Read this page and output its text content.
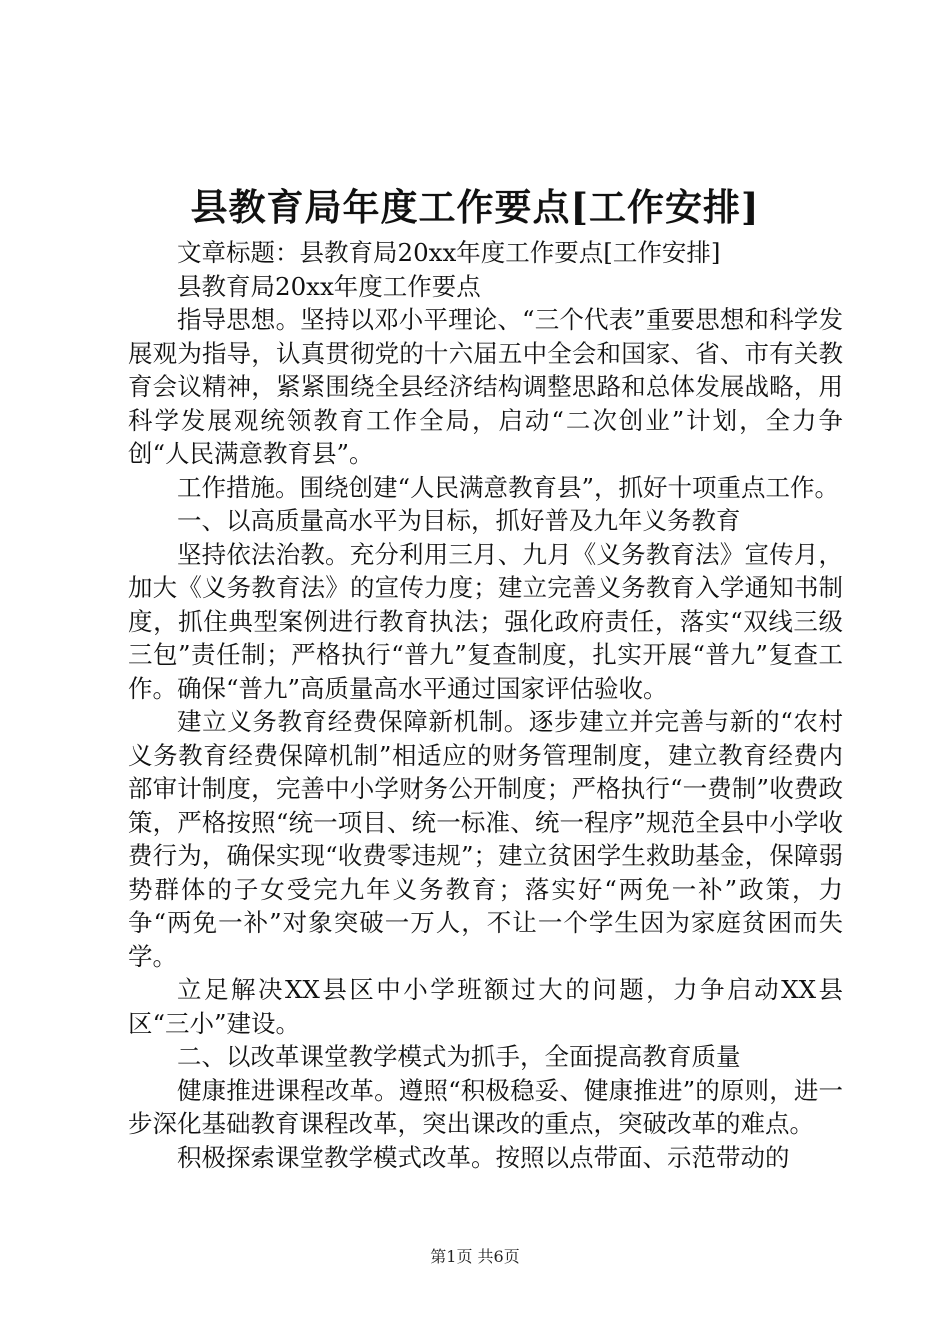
县教育局年度工作要点[工作安排]

文章标题：县教育局20xx年度工作要点[工作安排]

县教育局20xx年度工作要点

指导思想。坚持以邓小平理论、“三个代表”重要思想和科学发展观为指导，认真贯彻党的十六届五中全会和国家、省、市有关教育会议精神，紧紧围绕全县经济结构调整思路和总体发展战略，用科学发展观统领教育工作全局，启动“二次创业”计划，全力争创“人民满意教育县”。

工作措施。围绕创建“人民满意教育县”，抓好十项重点工作。

一、以高质量高水平为目标，抓好普及九年义务教育

坚持依法治教。充分利用三月、九月《义务教育法》宣传月，加大《义务教育法》的宣传力度；建立完善义务教育入学通知书制度，抓住典型案例进行教育执法；强化政府责任，落实“双线三级三包”责任制；严格执行“普九”复查制度，扎实开展“普九”复查工作。确保“普九”高质量高水平通过国家评估验收。

建立义务教育经费保障新机制。逐步建立并完善与新的“农村义务教育经费保障机制”相适应的财务管理制度，建立教育经费内部审计制度，完善中小学财务公开制度；严格执行“一费制”收费政策，严格按照“统一项目、统一标准、统一程序”规范全县中小学收费行为，确保实现“收费零违规”；建立贫困学生救助基金，保障弱势群体的子女受完九年义务教育；落实好“两免一补”政策，力争“两免一补”对象突破一万人，不让一个学生因为家庭贫困而失学。

立足解决XX县区中小学班额过大的问题，力争启动XX县区“三小”建设。

二、以改革课堂教学模式为抓手，全面提高教育质量

健康推进课程改革。遵照“积极稳妥、健康推进”的原则，进一步深化基础教育课程改革，突出课改的重点，突破改革的难点。

积极探索课堂教学模式改革。按照以点带面、示范带动的

第1页 共6页
